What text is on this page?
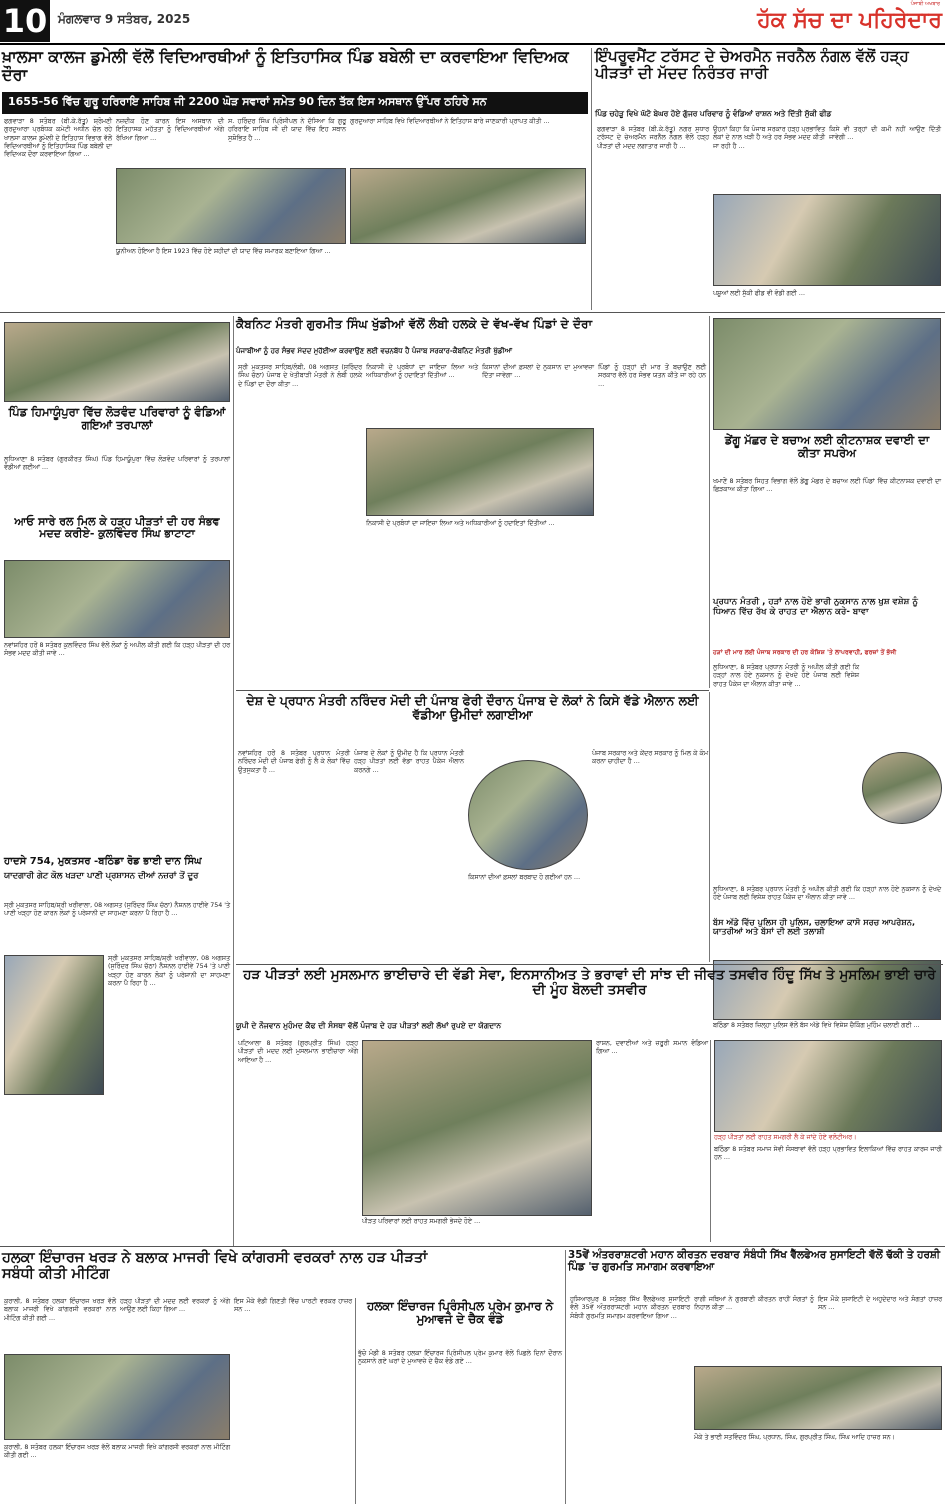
10 ਮੰਗਲਵਾਰ 9 ਸਤੰਬਰ, 2025
ਪੰਜਾਬੀ ਅਖਬਾਰ
ਹੱਕ ਸੱਚ ਦਾ ਪਹਿਰੇਦਾਰ

ਖ਼ਾਲਸਾ ਕਾਲਜ ਡੁਮੇਲੀ ਵੱਲੋਂ ਵਿਦਿਆਰਥੀਆਂ ਨੂੰ ਇਤਿਹਾਸਿਕ ਪਿੰਡ ਬਬੇਲੀ ਦਾ ਕਰਵਾਇਆ ਵਿਦਿਅਕ ਦੌਰਾ

1655-56 ਵਿੱਚ ਗੁਰੂ ਹਰਿਰਾਇ ਸਾਹਿਬ ਜੀ 2200 ਘੋੜ ਸਵਾਰਾਂ ਸਮੇਤ 90 ਦਿਨ ਤੱਕ ਇਸ ਅਸਥਾਨ ਉੱਪਰ ਠਹਿਰੇ ਸਨ

ਫਗਵਾੜਾ 8 ਸਤੰਬਰ (ਬੀ.ਕੇ.ਰੱਤੂ) ਸ਼੍ਰੋਮਣੀ ਗੁਰਦੁਆਰਾ ਪ੍ਰਬੰਧਕ ਕਮੇਟੀ ਅਧੀਨ ਚੱਲ ਰਹੇ ਖਾਲਸਾ ਕਾਲਜ ਡੁਮੇਲੀ ਦੇ ਇਤਿਹਾਸ ਵਿਭਾਗ ਵੱਲੋਂ ਵਿਦਿਆਰਥੀਆਂ ਨੂੰ ਇਤਿਹਾਸਿਕ ਪਿੰਡ ਬਬੇਲੀ ਦਾ ਵਿਦਿਅਕ ਦੌਰਾ ਕਰਵਾਇਆ ਗਿਆ …
ਨਜ਼ਦੀਕ ਹੋਣ ਕਾਰਨ ਇਸ ਅਸਥਾਨ ਦੀ ਇਤਿਹਾਸਕ ਮਹੱਤਤਾ ਨੂੰ ਵਿਦਿਆਰਥੀਆਂ ਅੱਗੇ ਰੱਖਿਆ ਗਿਆ …
ਸ. ਹਰਿੰਦਰ ਸਿੰਘ ਪ੍ਰਿੰਸੀਪਲ ਨੇ ਦੱਸਿਆ ਕਿ ਗੁਰੂ ਹਰਿਰਾਇ ਸਾਹਿਬ ਜੀ ਦੀ ਯਾਦ ਵਿੱਚ ਇਹ ਸਥਾਨ ਸੁਸ਼ੋਭਿਤ ਹੈ …
ਗੁਰਦੁਆਰਾ ਸਾਹਿਬ ਵਿਖੇ ਵਿਦਿਆਰਥੀਆਂ ਨੇ ਇਤਿਹਾਸ ਬਾਰੇ ਜਾਣਕਾਰੀ ਪ੍ਰਾਪਤ ਕੀਤੀ …
ਯੂਨੀਅਨ ਹੋਇਆ ਹੈ ਇਸ 1923 ਵਿੱਚ ਹੋਏ ਸ਼ਹੀਦਾਂ ਦੀ ਯਾਦ ਵਿੱਚ ਸਮਾਰਕ ਬਣਾਇਆ ਗਿਆ …

ਇੰਪਰੂਵਮੈਂਟ ਟਰੱਸਟ ਦੇ ਚੇਅਰਮੈਨ ਜਰਨੈਲ ਨੰਗਲ ਵੱਲੋਂ ਹੜ੍ਹ ਪੀੜਤਾਂ ਦੀ ਮੱਦਦ ਨਿਰੰਤਰ ਜਾਰੀ

ਪਿੰਡ ਚਹੇੜੂ ਵਿਖੇ ਘੱਟੋ ਬੇਘਰ ਹੋਏ ਗੁੱਜਰ ਪਰਿਵਾਰ ਨੂੰ ਵੰਡਿਆਂ ਰਾਸ਼ਨ ਅਤੇ ਦਿੱਤੀ ਸੁੱਕੀ ਫੀਡ

ਫਗਵਾੜਾ 8 ਸਤੰਬਰ (ਬੀ.ਕੇ.ਰੱਤੂ) ਨਗਰ ਸੁਧਾਰ ਟਰੱਸਟ ਦੇ ਚੇਅਰਮੈਨ ਜਰਨੈਲ ਨੰਗਲ ਵੱਲੋਂ ਹੜ੍ਹ ਪੀੜਤਾਂ ਦੀ ਮਦਦ ਲਗਾਤਾਰ ਜਾਰੀ ਹੈ …
ਉਹਨਾਂ ਕਿਹਾ ਕਿ ਪੰਜਾਬ ਸਰਕਾਰ ਹੜ੍ਹ ਪ੍ਰਭਾਵਿਤ ਲੋਕਾਂ ਦੇ ਨਾਲ ਖੜੀ ਹੈ ਅਤੇ ਹਰ ਸੰਭਵ ਮਦਦ ਕੀਤੀ ਜਾ ਰਹੀ ਹੈ …
ਕਿਸੇ ਵੀ ਤਰ੍ਹਾਂ ਦੀ ਕਮੀ ਨਹੀਂ ਆਉਣ ਦਿੱਤੀ ਜਾਵੇਗੀ …
ਪਸ਼ੂਆਂ ਲਈ ਸੁੱਕੀ ਫੀਡ ਵੀ ਵੰਡੀ ਗਈ …

ਪਿੰਡ ਹਿਮਾਯੂੰਪੁਰਾ ਵਿੱਚ ਲੋੜਵੰਦ ਪਰਿਵਾਰਾਂ ਨੂੰ ਵੰਡਿਆਂ ਗਇਆਂ ਤਰਪਾਲਾਂ

ਲੁਧਿਆਣਾ 8 ਸਤੰਬਰ (ਗੁਰਕੀਰਤ ਸਿੰਘ) ਪਿੰਡ ਹਿਮਾਯੂੰਪੁਰਾ ਵਿੱਚ ਲੋੜਵੰਦ ਪਰਿਵਾਰਾਂ ਨੂੰ ਤਰਪਾਲਾਂ ਵੰਡੀਆਂ ਗਈਆਂ …

ਆਓ ਸਾਰੇ ਰਲ ਮਿਲ ਕੇ ਹੜ੍ਹ ਪੀੜਤਾਂ ਦੀ ਹਰ ਸੰਭਵ ਮਦਦ ਕਰੀਏ- ਕੁਲਵਿੰਦਰ ਸਿੰਘ ਭਾਟਾਟਾ

ਨਵਾਂਸ਼ਹਿਰ ਹਰੋਂ 8 ਸਤੰਬਰ ਕੁਲਵਿੰਦਰ ਸਿੰਘ ਵੱਲੋਂ ਲੋਕਾਂ ਨੂੰ ਅਪੀਲ ਕੀਤੀ ਗਈ ਕਿ ਹੜ੍ਹ ਪੀੜਤਾਂ ਦੀ ਹਰ ਸੰਭਵ ਮਦਦ ਕੀਤੀ ਜਾਵੇ …

ਹਾਦਸੇ 754, ਮੁਕਤਸਰ -ਬਠਿੰਡਾ ਰੋਡ ਭਾਈ ਦਾਨ ਸਿੰਘ

ਯਾਦਗਾਰੀ ਗੇਟ ਕੋਲ ਖੜਦਾ ਪਾਣੀ ਪ੍ਰਸ਼ਾਸਨ ਦੀਆਂ ਨਜ਼ਰਾਂ ਤੋਂ ਦੂਰ

ਸ੍ਰੀ ਮੁਕਤਸਰ ਸਾਹਿਬ/ਸ਼੍ਰੀ ਖਰੀਵਾਲਾ, 08 ਅਗਸਤ (ਸੁਰਿੰਦਰ ਸਿੰਘ ਚੱਠਾ) ਨੈਸ਼ਨਲ ਹਾਈਵੇ 754 'ਤੇ ਪਾਣੀ ਖੜ੍ਹਾ ਹੋਣ ਕਾਰਨ ਲੋਕਾਂ ਨੂੰ ਪਰੇਸ਼ਾਨੀ ਦਾ ਸਾਹਮਣਾ ਕਰਨਾ ਪੈ ਰਿਹਾ ਹੈ …
ਸ੍ਰੀ ਮੁਕਤਸਰ ਸਾਹਿਬ/ਸ਼੍ਰੀ ਖਰੀਵਾਲਾ, 08 ਅਗਸਤ (ਸੁਰਿੰਦਰ ਸਿੰਘ ਚੱਠਾ) ਨੈਸ਼ਨਲ ਹਾਈਵੇ 754 'ਤੇ ਪਾਣੀ ਖੜ੍ਹਾ ਹੋਣ ਕਾਰਨ ਲੋਕਾਂ ਨੂੰ ਪਰੇਸ਼ਾਨੀ ਦਾ ਸਾਹਮਣਾ ਕਰਨਾ ਪੈ ਰਿਹਾ ਹੈ …

ਕੈਬਨਿਟ ਮੰਤਰੀ ਗੁਰਮੀਤ ਸਿੰਘ ਖੁੱਡੀਆਂ ਵੱਲੋਂ ਲੰਬੀ ਹਲਕੇ ਦੇ ਵੱਖ-ਵੱਖ ਪਿੰਡਾਂ ਦੇ ਦੌਰਾ

ਪੰਜਾਬੀਆਂ ਨੂੰ ਹਰ ਸੰਭਵ ਮੱਦਦ ਮੁਹੱਈਆ ਕਰਵਾਉਣ ਲਈ ਵਚਨਬੱਧ ਹੈ ਪੰਜਾਬ ਸਰਕਾਰ-ਕੈਬਨਿਟ ਮੰਤਰੀ ਖੁੱਡੀਆਂ

ਸ੍ਰੀ ਮੁਕਤਸਰ ਸਾਹਿਬ/ਲੰਬੀ, 08 ਅਗਸਤ (ਸੁਰਿੰਦਰ ਸਿੰਘ ਚੱਠਾ) ਪੰਜਾਬ ਦੇ ਖੇਤੀਬਾੜੀ ਮੰਤਰੀ ਨੇ ਲੰਬੀ ਹਲਕੇ ਦੇ ਪਿੰਡਾਂ ਦਾ ਦੌਰਾ ਕੀਤਾ …
ਨਿਕਾਸੀ ਦੇ ਪ੍ਰਬੰਧਾਂ ਦਾ ਜਾਇਜ਼ਾ ਲਿਆ ਅਤੇ ਅਧਿਕਾਰੀਆਂ ਨੂੰ ਹਦਾਇਤਾਂ ਦਿੱਤੀਆਂ …
ਕਿਸਾਨਾਂ ਦੀਆਂ ਫ਼ਸਲਾਂ ਦੇ ਨੁਕਸਾਨ ਦਾ ਮੁਆਵਜ਼ਾ ਦਿੱਤਾ ਜਾਵੇਗਾ …
ਪਿੰਡਾਂ ਨੂੰ ਹੜ੍ਹਾਂ ਦੀ ਮਾਰ ਤੋਂ ਬਚਾਉਣ ਲਈ ਸਰਕਾਰ ਵੱਲੋਂ ਹਰ ਸੰਭਵ ਯਤਨ ਕੀਤੇ ਜਾ ਰਹੇ ਹਨ …
ਨਿਕਾਸੀ ਦੇ ਪ੍ਰਬੰਧਾਂ ਦਾ ਜਾਇਜ਼ਾ ਲਿਆ ਅਤੇ ਅਧਿਕਾਰੀਆਂ ਨੂੰ ਹਦਾਇਤਾਂ ਦਿੱਤੀਆਂ …

ਡੇਂਗੂ ਮੱਛਰ ਦੇ ਬਚਾਅ ਲਈ ਕੀਟਨਾਸ਼ਕ ਦਵਾਈ ਦਾ ਕੀਤਾ ਸਪਰੇਅ

ਖਮਾਣੋਂ 8 ਸਤੰਬਰ ਸਿਹਤ ਵਿਭਾਗ ਵੱਲੋਂ ਡੇਂਗੂ ਮੱਛਰ ਦੇ ਬਚਾਅ ਲਈ ਪਿੰਡਾਂ ਵਿੱਚ ਕੀਟਨਾਸ਼ਕ ਦਵਾਈ ਦਾ ਛਿੜਕਾਅ ਕੀਤਾ ਗਿਆ …

ਪ੍ਰਧਾਨ ਮੰਤਰੀ , ਹੜਾਂ ਨਾਲ ਹੋਏ ਭਾਰੀ ਨੁਕਸਾਨ ਨਾਲ ਖੁਸ਼ ਵਸ਼ੇਸ਼ ਨੂੰ ਧਿਆਨ ਵਿੱਚ ਰੱਖ ਕੇ ਰਾਹਤ ਦਾ ਐਲਾਨ ਕਰੇ- ਬਾਵਾ

ਹੜਾਂ ਦੀ ਮਾਰ ਲਈ ਪੰਜਾਬ ਸਰਕਾਰ ਦੀ ਹਰ ਕੋਸ਼ਿਸ਼ 'ਤੇ ਲਾਪਰਵਾਹੀ, ਫਰਜ਼ਾਂ ਤੋਂ ਭੱਜੀ

ਲੁਧਿਆਣਾ, 8 ਸਤੰਬਰ ਪ੍ਰਧਾਨ ਮੰਤਰੀ ਨੂੰ ਅਪੀਲ ਕੀਤੀ ਗਈ ਕਿ ਹੜ੍ਹਾਂ ਨਾਲ ਹੋਏ ਨੁਕਸਾਨ ਨੂੰ ਦੇਖਦੇ ਹੋਏ ਪੰਜਾਬ ਲਈ ਵਿਸ਼ੇਸ਼ ਰਾਹਤ ਪੈਕੇਜ ਦਾ ਐਲਾਨ ਕੀਤਾ ਜਾਵੇ …
ਲੁਧਿਆਣਾ, 8 ਸਤੰਬਰ ਪ੍ਰਧਾਨ ਮੰਤਰੀ ਨੂੰ ਅਪੀਲ ਕੀਤੀ ਗਈ ਕਿ ਹੜ੍ਹਾਂ ਨਾਲ ਹੋਏ ਨੁਕਸਾਨ ਨੂੰ ਦੇਖਦੇ ਹੋਏ ਪੰਜਾਬ ਲਈ ਵਿਸ਼ੇਸ਼ ਰਾਹਤ ਪੈਕੇਜ ਦਾ ਐਲਾਨ ਕੀਤਾ ਜਾਵੇ …

ਬੱਸ ਅੱਡੇ ਵਿੱਚ ਪੁਲਿਸ ਹੀ ਪੁਲਿਸ, ਚਲਾਇਆ ਕਾਸੋ ਸਰਚ ਆਪਰੇਸ਼ਨ, ਯਾਤਰੀਆਂ ਅਤੇ ਬੱਸਾਂ ਦੀ ਲਈ ਤਲਾਸ਼ੀ

ਬਠਿੰਡਾ 8 ਸਤੰਬਰ ਜ਼ਿਲ੍ਹਾ ਪੁਲਿਸ ਵੱਲੋਂ ਬੱਸ ਅੱਡੇ ਵਿਖੇ ਵਿਸ਼ੇਸ਼ ਚੈਕਿੰਗ ਮੁਹਿੰਮ ਚਲਾਈ ਗਈ …

ਦੇਸ਼ ਦੇ ਪ੍ਰਧਾਨ ਮੰਤਰੀ ਨਰਿੰਦਰ ਮੋਦੀ ਦੀ ਪੰਜਾਬ ਫੇਰੀ ਦੌਰਾਨ ਪੰਜਾਬ ਦੇ ਲੋਕਾਂ ਨੇ ਕਿਸੇ ਵੱਡੇ ਐਲਾਨ ਲਈ ਵੱਡੀਆ ਉਮੀਦਾਂ ਲਗਾਈਆ

ਨਵਾਂਸ਼ਹਿਰ ਹਰੋਂ 8 ਸਤੰਬਰ ਪ੍ਰਧਾਨ ਮੰਤਰੀ ਨਰਿੰਦਰ ਮੋਦੀ ਦੀ ਪੰਜਾਬ ਫੇਰੀ ਨੂੰ ਲੈ ਕੇ ਲੋਕਾਂ ਵਿੱਚ ਉਤਸੁਕਤਾ ਹੈ …
ਪੰਜਾਬ ਦੇ ਲੋਕਾਂ ਨੂੰ ਉਮੀਦ ਹੈ ਕਿ ਪ੍ਰਧਾਨ ਮੰਤਰੀ ਹੜ੍ਹ ਪੀੜਤਾਂ ਲਈ ਵੱਡਾ ਰਾਹਤ ਪੈਕੇਜ ਐਲਾਨ ਕਰਨਗੇ …
ਕਿਸਾਨਾਂ ਦੀਆਂ ਫ਼ਸਲਾਂ ਬਰਬਾਦ ਹੋ ਗਈਆਂ ਹਨ …
ਪੰਜਾਬ ਸਰਕਾਰ ਅਤੇ ਕੇਂਦਰ ਸਰਕਾਰ ਨੂੰ ਮਿਲ ਕੇ ਕੰਮ ਕਰਨਾ ਚਾਹੀਦਾ ਹੈ …

ਹੜ ਪੀੜਤਾਂ ਲਈ ਮੁਸਲਮਾਨ ਭਾਈਚਾਰੇ ਦੀ ਵੱਡੀ ਸੇਵਾ, ਇਨਸਾਨੀਅਤ ਤੇ ਭਰਾਵਾਂ ਦੀ ਸਾਂਝ ਦੀ ਜੀਵਤ ਤਸਵੀਰ ਹਿੰਦੂ ਸਿੱਖ ਤੇ ਮੁਸਲਿਮ ਭਾਈ ਚਾਰੇ ਦੀ ਮੂੰਹ ਬੋਲਦੀ ਤਸਵੀਰ

ਯੂਪੀ ਦੇ ਨੌਜਵਾਨ ਮੁਹੰਮਦ ਕੈਫ ਦੀ ਸੰਸਥਾ ਵੱਲੋਂ ਪੰਜਾਬ ਦੇ ਹੜ ਪੀੜਤਾਂ ਲਈ ਲੱਖਾਂ ਰੁਪਏ ਦਾ ਯੋਗਦਾਨ

ਪਟਿਆਲਾ 8 ਸਤੰਬਰ (ਗੁਰਪ੍ਰੀਤ ਸਿੰਘ) ਹੜ੍ਹ ਪੀੜਤਾਂ ਦੀ ਮਦਦ ਲਈ ਮੁਸਲਮਾਨ ਭਾਈਚਾਰਾ ਅੱਗੇ ਆਇਆ ਹੈ …
ਪੀੜਤ ਪਰਿਵਾਰਾਂ ਲਈ ਰਾਹਤ ਸਮਗਰੀ ਭੇਜਦੇ ਹੋਏ …
ਰਾਸ਼ਨ, ਦਵਾਈਆਂ ਅਤੇ ਜ਼ਰੂਰੀ ਸਮਾਨ ਵੰਡਿਆ ਗਿਆ …
ਹੜ੍ਹ ਪੀੜਤਾਂ ਲਈ ਰਾਹਤ ਸਮਗਰੀ ਲੈ ਕੇ ਜਾਂਦੇ ਹੋਏ ਵਲੰਟੀਅਰ।
ਬਠਿੰਡਾ 8 ਸਤੰਬਰ ਸਮਾਜ ਸੇਵੀ ਸੰਸਥਾਵਾਂ ਵੱਲੋਂ ਹੜ੍ਹ ਪ੍ਰਭਾਵਿਤ ਇਲਾਕਿਆਂ ਵਿੱਚ ਰਾਹਤ ਕਾਰਜ ਜਾਰੀ ਹਨ …

ਹਲਕਾ ਇੰਚਾਰਜ ਖਰੜ ਨੇ ਬਲਾਕ ਮਾਜਰੀ ਵਿਖੇ ਕਾਂਗਰਸੀ ਵਰਕਰਾਂ ਨਾਲ ਹੜ ਪੀੜਤਾਂ ਸਬੰਧੀ ਕੀਤੀ ਮੀਟਿੰਗ

ਕੁਰਾਲੀ, 8 ਸਤੰਬਰ ਹਲਕਾ ਇੰਚਾਰਜ ਖਰੜ ਵੱਲੋਂ ਬਲਾਕ ਮਾਜਰੀ ਵਿਖੇ ਕਾਂਗਰਸੀ ਵਰਕਰਾਂ ਨਾਲ ਮੀਟਿੰਗ ਕੀਤੀ ਗਈ …
ਹੜ੍ਹ ਪੀੜਤਾਂ ਦੀ ਮਦਦ ਲਈ ਵਰਕਰਾਂ ਨੂੰ ਅੱਗੇ ਆਉਣ ਲਈ ਕਿਹਾ ਗਿਆ …
ਕੁਰਾਲੀ, 8 ਸਤੰਬਰ ਹਲਕਾ ਇੰਚਾਰਜ ਖਰੜ ਵੱਲੋਂ ਬਲਾਕ ਮਾਜਰੀ ਵਿਖੇ ਕਾਂਗਰਸੀ ਵਰਕਰਾਂ ਨਾਲ ਮੀਟਿੰਗ ਕੀਤੀ ਗਈ …
ਇਸ ਮੌਕੇ ਵੱਡੀ ਗਿਣਤੀ ਵਿੱਚ ਪਾਰਟੀ ਵਰਕਰ ਹਾਜ਼ਰ ਸਨ …	ਹਲਕਾ ਇੰਚਾਰਜ ਪ੍ਰਿੰਸੀਪਲ ਪ੍ਰੇਮ ਕੁਮਾਰ ਨੇ ਮੁਆਵਜੇ ਦੇ ਚੈਕ ਵੰਡੇ

ਭੁੱਚੋ ਮੰਡੀ 8 ਸਤੰਬਰ ਹਲਕਾ ਇੰਚਾਰਜ ਪ੍ਰਿੰਸੀਪਲ ਪ੍ਰੇਮ ਕੁਮਾਰ ਵੱਲੋਂ ਪਿਛਲੇ ਦਿਨਾਂ ਦੌਰਾਨ ਨੁਕਸਾਨੇ ਗਏ ਘਰਾਂ ਦੇ ਮੁਆਵਜ਼ੇ ਦੇ ਚੈਕ ਵੰਡੇ ਗਏ …

35ਵੇਂ ਅੰਤਰਰਾਸ਼ਟਰੀ ਮਹਾਨ ਕੀਰਤਨ ਦਰਬਾਰ ਸੰਬੰਧੀ ਸਿੱਖ ਵੈੱਲਫੇਅਰ ਸੁਸਾਇਟੀ ਵੱਲੋਂ ਢੱਕੀ ਤੇ ਹਰਸ਼ੀ ਪਿੰਡ 'ਚ ਗੁਰਮਤਿ ਸਮਾਗਮ ਕਰਵਾਇਆ

ਹੁਸ਼ਿਆਰਪੁਰ 8 ਸਤੰਬਰ ਸਿੱਖ ਵੈੱਲਫੇਅਰ ਸੁਸਾਇਟੀ ਵੱਲੋਂ 35ਵੇਂ ਅੰਤਰਰਾਸ਼ਟਰੀ ਮਹਾਨ ਕੀਰਤਨ ਦਰਬਾਰ ਸੰਬੰਧੀ ਗੁਰਮਤਿ ਸਮਾਗਮ ਕਰਵਾਇਆ ਗਿਆ …
ਰਾਗੀ ਜਥਿਆਂ ਨੇ ਗੁਰਬਾਣੀ ਕੀਰਤਨ ਰਾਹੀਂ ਸੰਗਤਾਂ ਨੂੰ ਨਿਹਾਲ ਕੀਤਾ …
ਇਸ ਮੌਕੇ ਸੁਸਾਇਟੀ ਦੇ ਅਹੁਦੇਦਾਰ ਅਤੇ ਸੰਗਤਾਂ ਹਾਜ਼ਰ ਸਨ …
ਮੌਕੇ ਤੇ ਭਾਈ ਸਤਵਿੰਦਰ ਸਿੰਘ, ਪ੍ਰਧਾਨ, ਸਿੰਘ, ਗੁਰਪ੍ਰੀਤ ਸਿੰਘ, ਸਿੰਘ ਆਦਿ ਹਾਜ਼ਰ ਸਨ।
